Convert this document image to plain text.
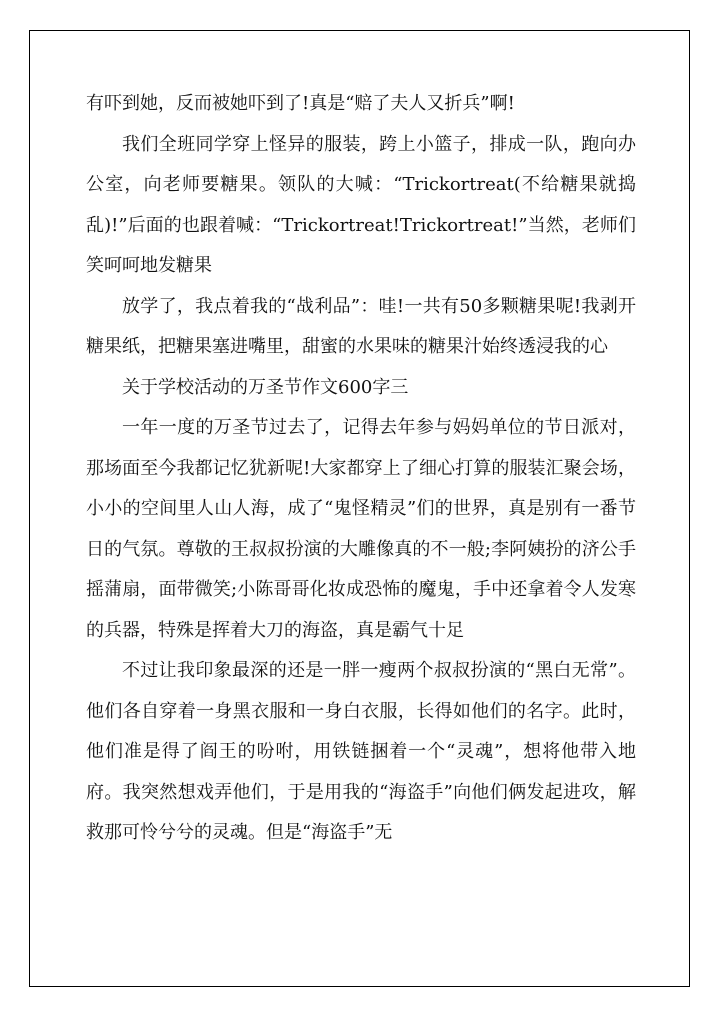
有吓到她，反而被她吓到了!真是“赔了夫人又折兵”啊!

我们全班同学穿上怪异的服装，跨上小篮子，排成一队，跑向办公室，向老师要糖果。领队的大喊：“Trickortreat(不给糖果就捣乱)!”后面的也跟着喊：“Trickortreat!Trickortreat!”当然，老师们笑呵呵地发糖果

放学了，我点着我的“战利品”：哇!一共有50多颗糖果呢!我剥开糖果纸，把糖果塞进嘴里，甜蜜的水果味的糖果汁始终透浸我的心

关于学校活动的万圣节作文600字三

一年一度的万圣节过去了，记得去年参与妈妈单位的节日派对，那场面至今我都记忆犹新呢!大家都穿上了细心打算的服装汇聚会场，小小的空间里人山人海，成了“鬼怪精灵”们的世界，真是别有一番节日的气氛。尊敬的王叔叔扮演的大雕像真的不一般;李阿姨扮的济公手摇蒲扇，面带微笑;小陈哥哥化妆成恐怖的魔鬼，手中还拿着令人发寒的兵器，特殊是挥着大刀的海盗，真是霸气十足

不过让我印象最深的还是一胖一瘦两个叔叔扮演的“黑白无常”。他们各自穿着一身黑衣服和一身白衣服，长得如他们的名字。此时，他们准是得了阎王的吩咐，用铁链捆着一个“灵魂”，想将他带入地府。我突然想戏弄他们，于是用我的“海盗手”向他们俩发起进攻，解救那可怜兮兮的灵魂。但是“海盗手”无
